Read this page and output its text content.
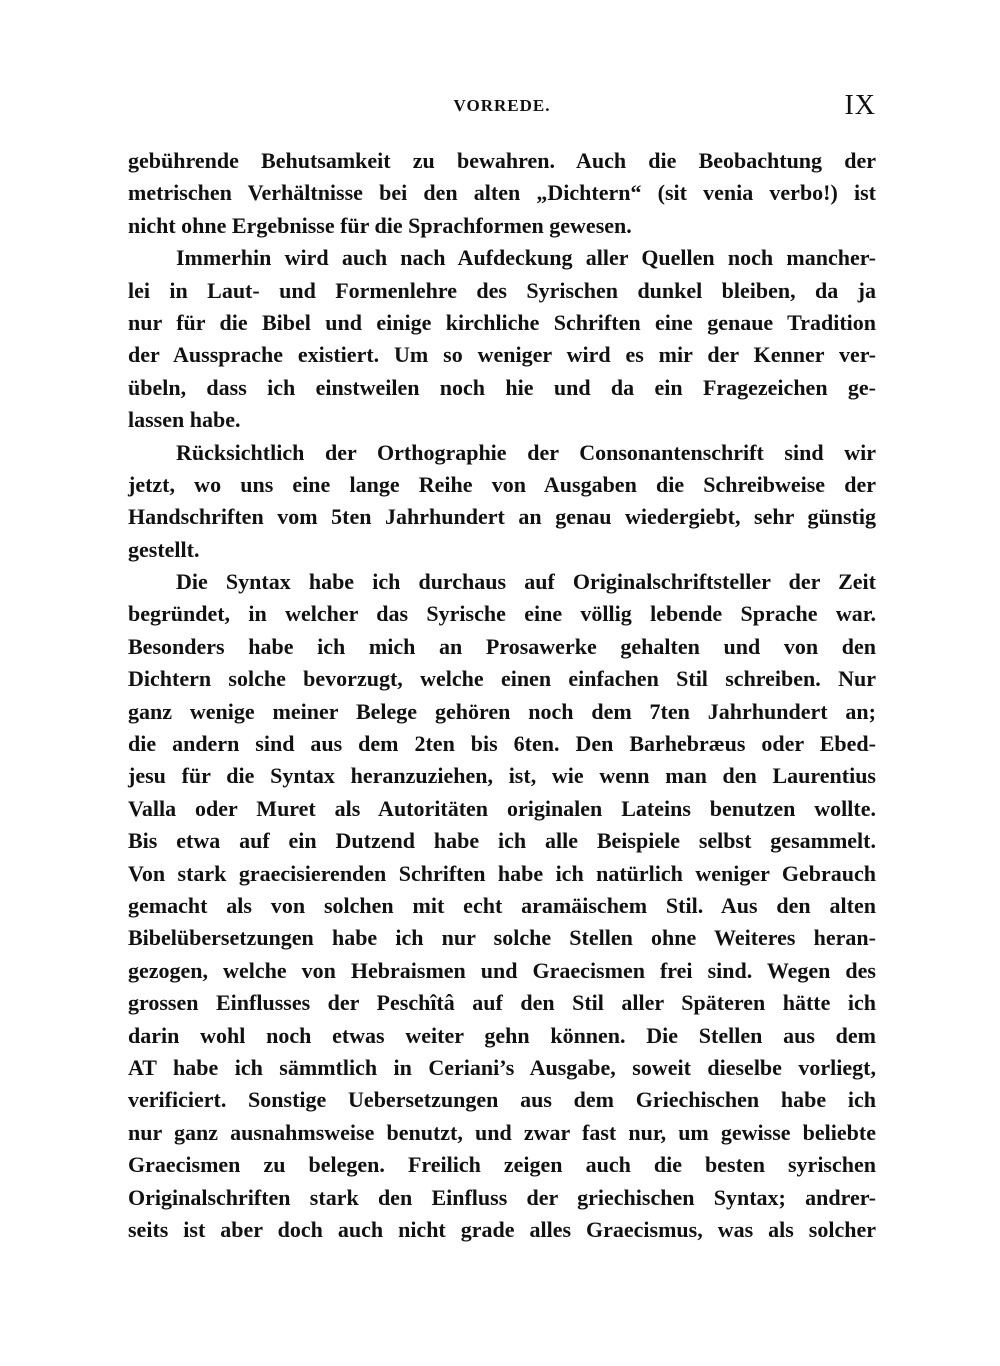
VORREDE.	IX
gebührende Behutsamkeit zu bewahren. Auch die Beobachtung der
metrischen Verhältnisse bei den alten „Dichtern“ (sit venia verbo!) ist
nicht ohne Ergebnisse für die Sprachformen gewesen.
Immerhin wird auch nach Aufdeckung aller Quellen noch mancher-
lei in Laut- und Formenlehre des Syrischen dunkel bleiben, da ja
nur für die Bibel und einige kirchliche Schriften eine genaue Tradition
der Aussprache existiert. Um so weniger wird es mir der Kenner ver-
übeln, dass ich einstweilen noch hie und da ein Fragezeichen ge-
lassen habe.
Rücksichtlich der Orthographie der Consonantenschrift sind wir
jetzt, wo uns eine lange Reihe von Ausgaben die Schreibweise der
Handschriften vom 5ten Jahrhundert an genau wiedergiebt, sehr günstig
gestellt.
Die Syntax habe ich durchaus auf Originalschriftsteller der Zeit
begründet, in welcher das Syrische eine völlig lebende Sprache war.
Besonders habe ich mich an Prosawerke gehalten und von den
Dichtern solche bevorzugt, welche einen einfachen Stil schreiben. Nur
ganz wenige meiner Belege gehören noch dem 7ten Jahrhundert an;
die andern sind aus dem 2ten bis 6ten. Den Barhebræus oder Ebed-
jesu für die Syntax heranzuziehen, ist, wie wenn man den Laurentius
Valla oder Muret als Autoritäten originalen Lateins benutzen wollte.
Bis etwa auf ein Dutzend habe ich alle Beispiele selbst gesammelt.
Von stark graecisierenden Schriften habe ich natürlich weniger Gebrauch
gemacht als von solchen mit echt aramäischem Stil. Aus den alten
Bibelübersetzungen habe ich nur solche Stellen ohne Weiteres heran-
gezogen, welche von Hebraismen und Graecismen frei sind. Wegen des
grossen Einflusses der Peschîtâ auf den Stil aller Späteren hätte ich
darin wohl noch etwas weiter gehn können. Die Stellen aus dem
AT habe ich sämmtlich in Ceriani’s Ausgabe, soweit dieselbe vorliegt,
verificiert. Sonstige Uebersetzungen aus dem Griechischen habe ich
nur ganz ausnahmsweise benutzt, und zwar fast nur, um gewisse beliebte
Graecismen zu belegen. Freilich zeigen auch die besten syrischen
Originalschriften stark den Einfluss der griechischen Syntax; andrer-
seits ist aber doch auch nicht grade alles Graecismus, was als solcher
